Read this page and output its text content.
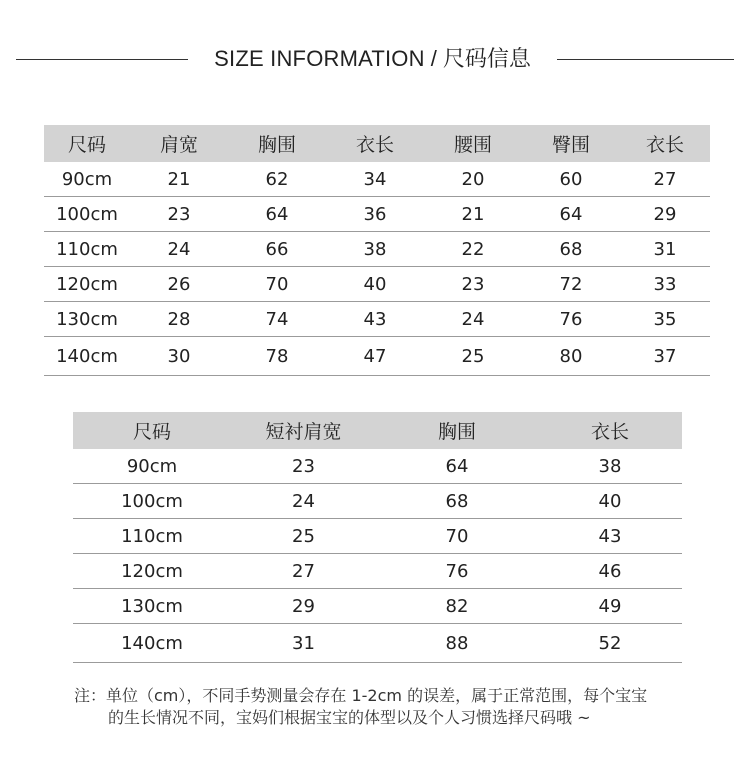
SIZE INFORMATION / 尺码信息
尺码	肩宽	胸围	衣长	腰围	臀围	衣长
90cm	21	62	34	20	60	27
100cm	23	64	36	21	64	29
110cm	24	66	38	22	68	31
120cm	26	70	40	23	72	33
130cm	28	74	43	24	76	35
140cm	30	78	47	25	80	37
尺码	短衬肩宽	胸围	衣长
90cm	23	64	38
100cm	24	68	40
110cm	25	70	43
120cm	27	76	46
130cm	29	82	49
140cm	31	88	52
注：单位（cm），不同手势测量会存在 1-2cm 的误差，属于正常范围，每个宝宝
的生长情况不同，宝妈们根据宝宝的体型以及个人习惯选择尺码哦 ~
